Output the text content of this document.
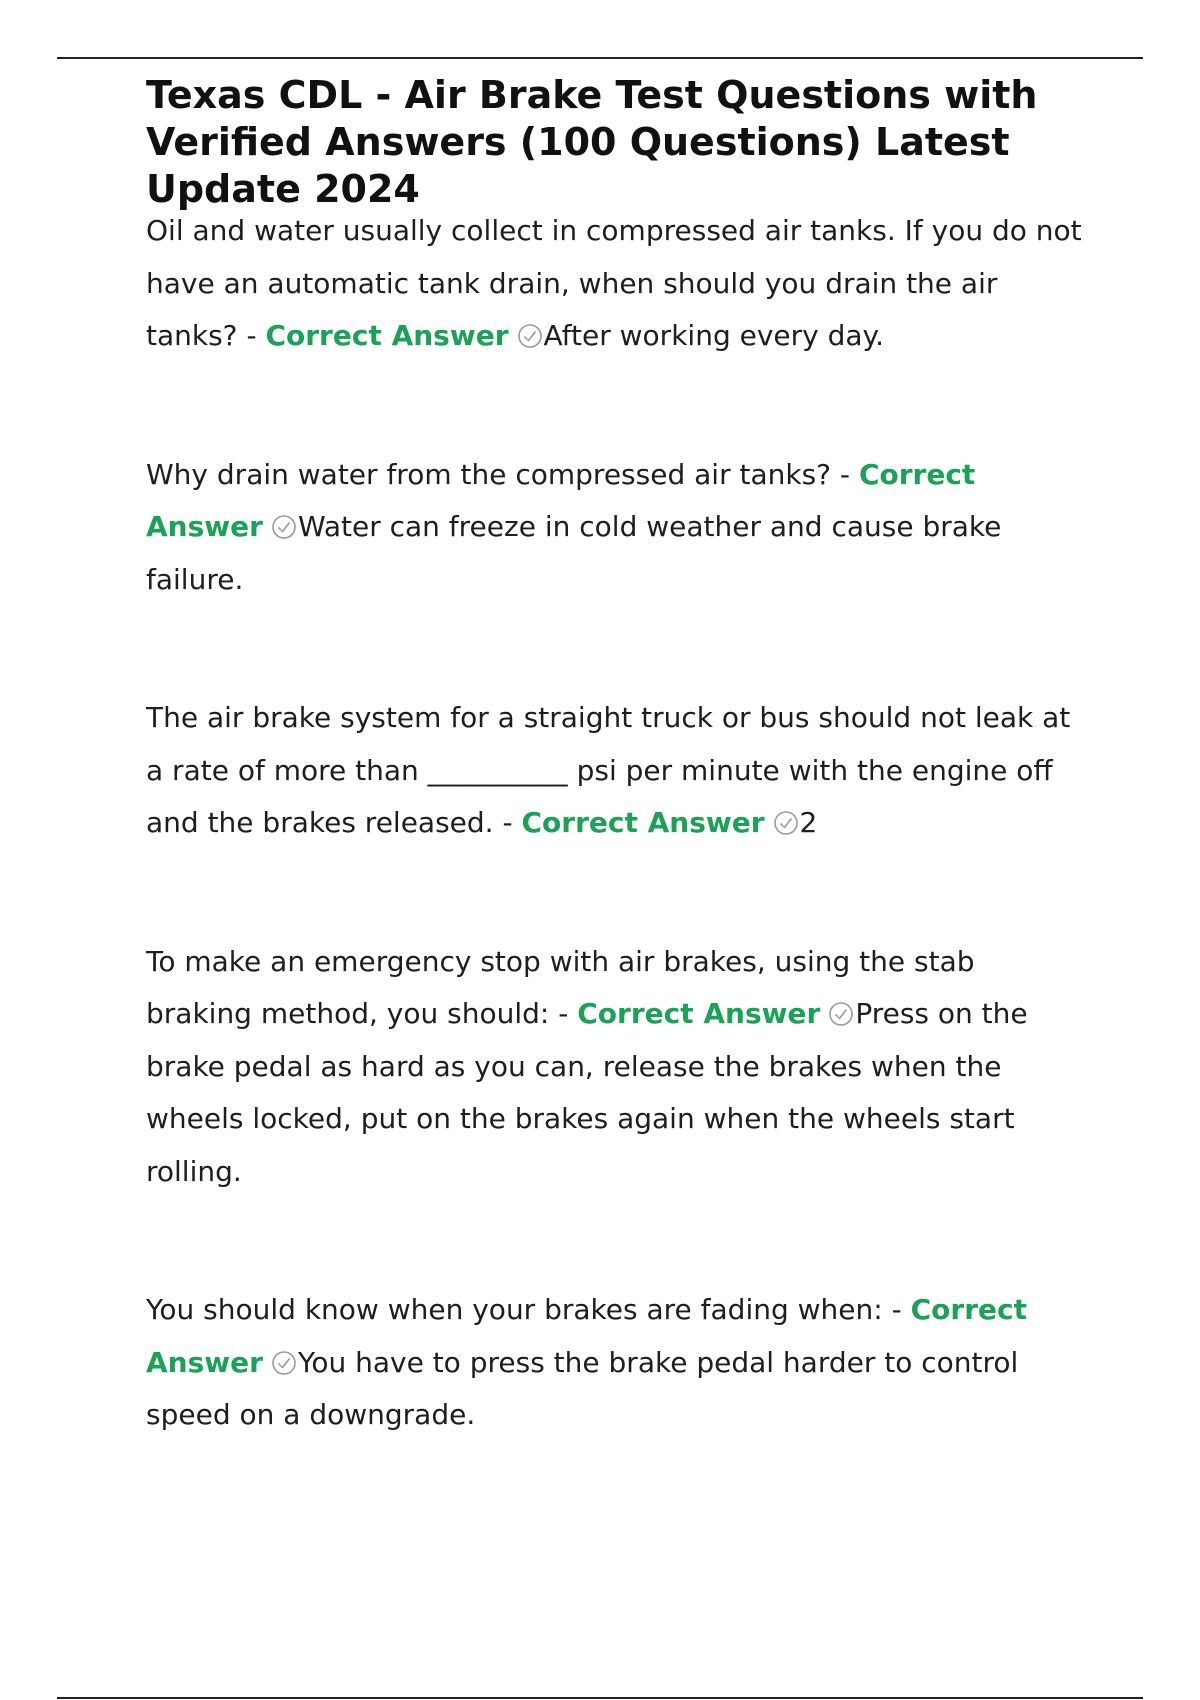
Texas CDL - Air Brake Test Questions with Verified Answers (100 Questions) Latest Update 2024

Oil and water usually collect in compressed air tanks. If you do not have an automatic tank drain, when should you drain the air tanks? - Correct Answer After working every day.

Why drain water from the compressed air tanks? - Correct Answer Water can freeze in cold weather and cause brake failure.

The air brake system for a straight truck or bus should not leak at a rate of more than __________ psi per minute with the engine off and the brakes released. - Correct Answer 2

To make an emergency stop with air brakes, using the stab braking method, you should: - Correct Answer Press on the brake pedal as hard as you can, release the brakes when the wheels locked, put on the brakes again when the wheels start rolling.

You should know when your brakes are fading when: - Correct Answer You have to press the brake pedal harder to control speed on a downgrade.
